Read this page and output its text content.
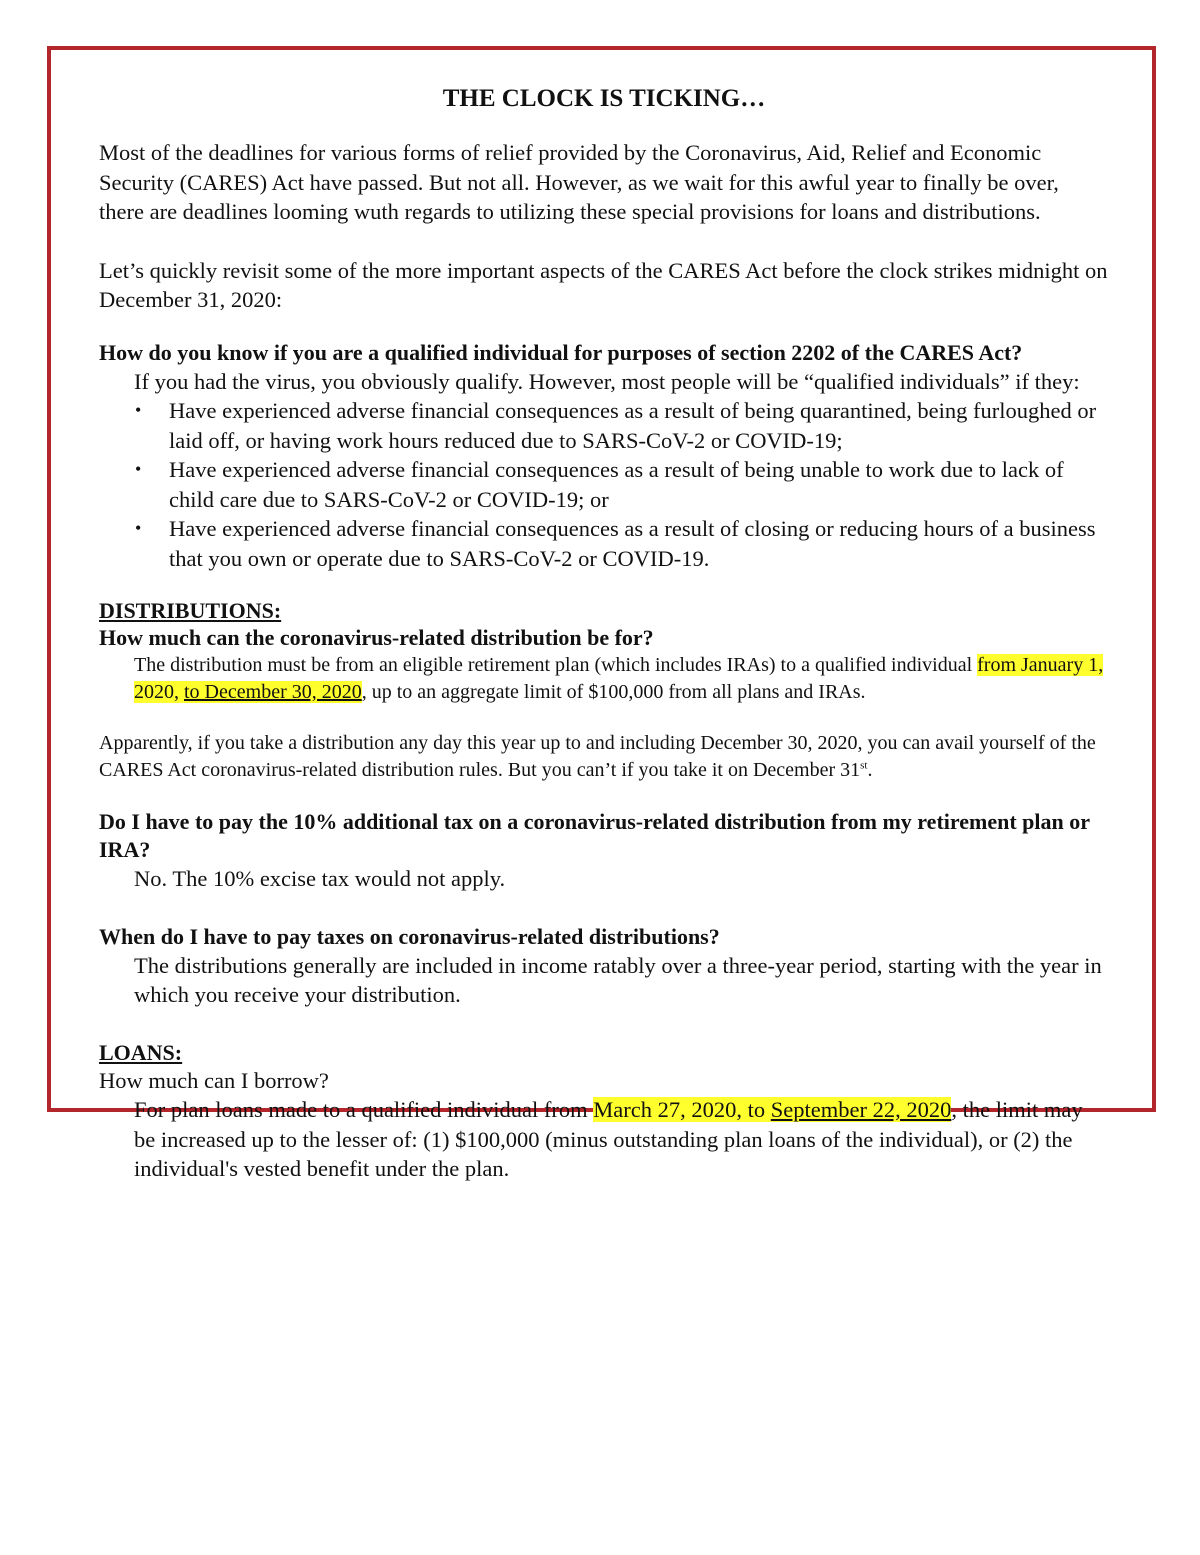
THE CLOCK IS TICKING…

Most of the deadlines for various forms of relief provided by the Coronavirus, Aid, Relief and Economic Security (CARES) Act have passed. But not all. However, as we wait for this awful year to finally be over, there are deadlines looming wuth regards to utilizing these special provisions for loans and distributions.

Let’s quickly revisit some of the more important aspects of the CARES Act before the clock strikes midnight on December 31, 2020:

How do you know if you are a qualified individual for purposes of section 2202 of the CARES Act?

If you had the virus, you obviously qualify. However, most people will be “qualified individuals” if they:

• Have experienced adverse financial consequences as a result of being quarantined, being furloughed or laid off, or having work hours reduced due to SARS-CoV-2 or COVID-19;
• Have experienced adverse financial consequences as a result of being unable to work due to lack of child care due to SARS-CoV-2 or COVID-19; or
• Have experienced adverse financial consequences as a result of closing or reducing hours of a business that you own or operate due to SARS-CoV-2 or COVID-19.

DISTRIBUTIONS:

How much can the coronavirus-related distribution be for?

The distribution must be from an eligible retirement plan (which includes IRAs) to a qualified individual from January 1, 2020, to December 30, 2020, up to an aggregate limit of $100,000 from all plans and IRAs.

Apparently, if you take a distribution any day this year up to and including December 30, 2020, you can avail yourself of the CARES Act coronavirus-related distribution rules. But you can’t if you take it on December 31st.

Do I have to pay the 10% additional tax on a coronavirus-related distribution from my retirement plan or IRA?

No. The 10% excise tax would not apply.

When do I have to pay taxes on coronavirus-related distributions?

The distributions generally are included in income ratably over a three-year period, starting with the year in which you receive your distribution.

LOANS:

How much can I borrow?

For plan loans made to a qualified individual from March 27, 2020, to September 22, 2020, the limit may be increased up to the lesser of: (1) $100,000 (minus outstanding plan loans of the individual), or (2) the individual's vested benefit under the plan.
